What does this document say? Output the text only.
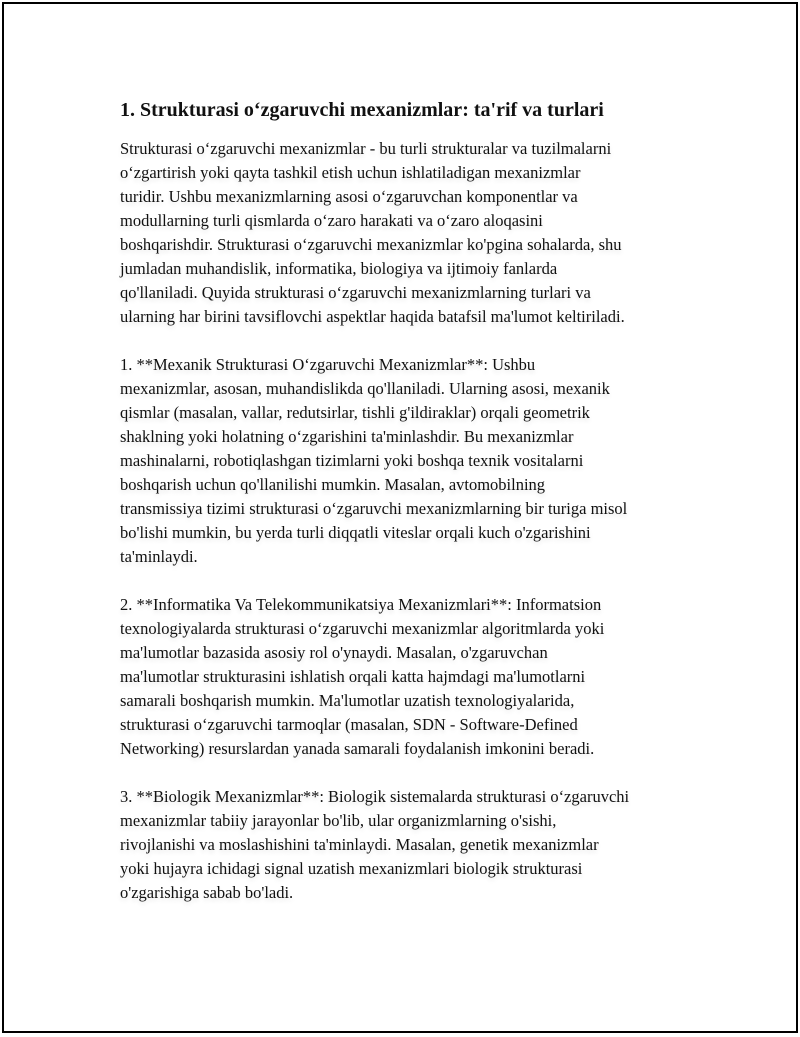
1. Strukturasi o‘zgaruvchi mexanizmlar: ta'rif va turlari
Strukturasi o‘zgaruvchi mexanizmlar - bu turli strukturalar va tuzilmalarni
o‘zgartirish yoki qayta tashkil etish uchun ishlatiladigan mexanizmlar
turidir. Ushbu mexanizmlarning asosi o‘zgaruvchan komponentlar va
modullarning turli qismlarda o‘zaro harakati va o‘zaro aloqasini
boshqarishdir. Strukturasi o‘zgaruvchi mexanizmlar ko'pgina sohalarda, shu
jumladan muhandislik, informatika, biologiya va ijtimoiy fanlarda
qo'llaniladi. Quyida strukturasi o‘zgaruvchi mexanizmlarning turlari va
ularning har birini tavsiflovchi aspektlar haqida batafsil ma'lumot keltiriladi.
1. **Mexanik Strukturasi O‘zgaruvchi Mexanizmlar**: Ushbu
mexanizmlar, asosan, muhandislikda qo'llaniladi. Ularning asosi, mexanik
qismlar (masalan, vallar, redutsirlar, tishli g'ildiraklar) orqali geometrik
shaklning yoki holatning o‘zgarishini ta'minlashdir. Bu mexanizmlar
mashinalarni, robotiqlashgan tizimlarni yoki boshqa texnik vositalarni
boshqarish uchun qo'llanilishi mumkin. Masalan, avtomobilning
transmissiya tizimi strukturasi o‘zgaruvchi mexanizmlarning bir turiga misol
bo'lishi mumkin, bu yerda turli diqqatli viteslar orqali kuch o'zgarishini
ta'minlaydi.
2. **Informatika Va Telekommunikatsiya Mexanizmlari**: Informatsion
texnologiyalarda strukturasi o‘zgaruvchi mexanizmlar algoritmlarda yoki
ma'lumotlar bazasida asosiy rol o'ynaydi. Masalan, o'zgaruvchan
ma'lumotlar strukturasini ishlatish orqali katta hajmdagi ma'lumotlarni
samarali boshqarish mumkin. Ma'lumotlar uzatish texnologiyalarida,
strukturasi o‘zgaruvchi tarmoqlar (masalan, SDN - Software-Defined
Networking) resurslardan yanada samarali foydalanish imkonini beradi.
3. **Biologik Mexanizmlar**: Biologik sistemalarda strukturasi o‘zgaruvchi
mexanizmlar tabiiy jarayonlar bo'lib, ular organizmlarning o'sishi,
rivojlanishi va moslashishini ta'minlaydi. Masalan, genetik mexanizmlar
yoki hujayra ichidagi signal uzatish mexanizmlari biologik strukturasi
o'zgarishiga sabab bo'ladi.
